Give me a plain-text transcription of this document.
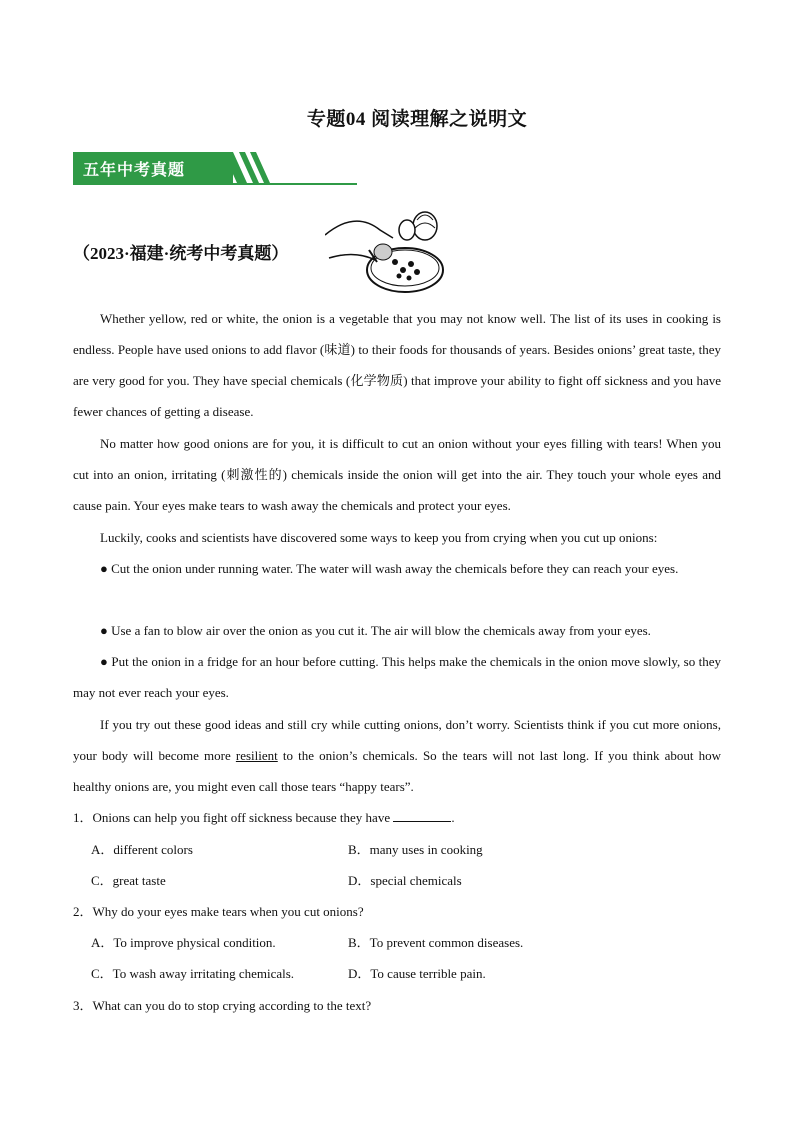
专题04 阅读理解之说明文
五年中考真题
（2023·福建·统考中考真题）
Whether yellow, red or white, the onion is a vegetable that you may not know well. The list of its uses in cooking is endless. People have used onions to add flavor (味道) to their foods for thousands of years. Besides onions’ great taste, they are very good for you. They have special chemicals (化学物质) that improve your ability to fight off sickness and you have fewer chances of getting a disease.
No matter how good onions are for you, it is difficult to cut an onion without your eyes filling with tears! When you cut into an onion, irritating (刺激性的) chemicals inside the onion will get into the air. They touch your whole eyes and cause pain. Your eyes make tears to wash away the chemicals and protect your eyes.
Luckily, cooks and scientists have discovered some ways to keep you from crying when you cut up onions:
● Cut the onion under running water. The water will wash away the chemicals before they can reach your eyes.
● Use a fan to blow air over the onion as you cut it. The air will blow the chemicals away from your eyes.
● Put the onion in a fridge for an hour before cutting. This helps make the chemicals in the onion move slowly, so they may not ever reach your eyes.
If you try out these good ideas and still cry while cutting onions, don’t worry. Scientists think if you cut more onions, your body will become more resilient to the onion’s chemicals. So the tears will not last long. If you think about how healthy onions are, you might even call those tears “happy tears”.
1．Onions can help you fight off sickness because they have	.
A．different colors	B．many uses in cooking
C．great taste	D．special chemicals
2．Why do your eyes make tears when you cut onions?
A．To improve physical condition.	B．To prevent common diseases.
C．To wash away irritating chemicals.	D．To cause terrible pain.
3．What can you do to stop crying according to the text?
